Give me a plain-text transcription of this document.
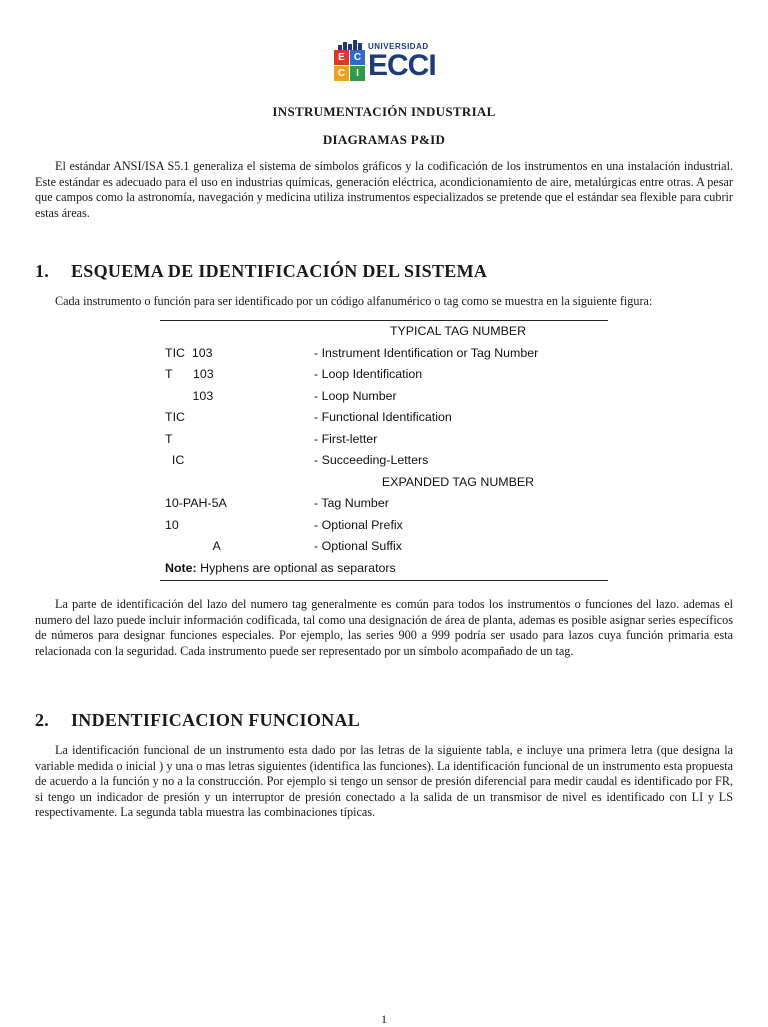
E C
C	I
UNIVERSIDAD
ECCI
INSTRUMENTACIÓN INDUSTRIAL
DIAGRAMAS P&ID

El estándar ANSI/ISA S5.1 generaliza el sistema de símbolos gráficos y la codificación de los instrumentos en una instalación industrial. Este estándar es adecuado para el uso en industrias químicas, generación eléctrica, acondicionamiento de aire, metalúrgicas entre otras. A pesar que campos como la astronomía, navegación y medicina utiliza instrumentos especializados se pretende que el estándar sea flexible para cubrir estas áreas.

1. ESQUEMA DE IDENTIFICACIÓN DEL SISTEMA

Cada instrumento o función para ser identificado por un código alfanumérico o tag como se muestra en la siguiente figura:

TYPICAL TAG NUMBER
TIC  103	- Instrument Identification or Tag Number
T      103	- Loop Identification
103	- Loop Number
TIC	- Functional Identification
T	- First-letter
IC	- Succeeding-Letters
EXPANDED TAG NUMBER
10-PAH-5A	- Tag Number
10	- Optional Prefix
A	- Optional Suffix
Note: Hyphens are optional as separators

La parte de identificación del lazo del numero tag generalmente es común para todos los instrumentos o funciones del lazo. ademas el numero del lazo puede incluir información codificada, tal como una designación de área de planta, ademas es posible asignar series específicos de números para designar funciones especiales. Por ejemplo, las series 900 a 999 podría ser usado para lazos cuya función primaria esta relacionada con la seguridad. Cada instrumento puede ser representado por un símbolo acompañado de un tag.

2. INDENTIFICACION FUNCIONAL

La identificación funcional de un instrumento esta dado por las letras de la siguiente tabla, e incluye una primera letra (que designa la variable medida o inicial ) y una o mas letras siguientes (identifica las funciones). La identificación funcional de un instrumento esta propuesta de acuerdo a la función y no a la construcción. Por ejemplo si tengo un sensor de presión diferencial para medir caudal es identificado por FR, si tengo un indicador de presión y un interruptor de presión conectado a la salida de un transmisor de nivel es identificado con LI y LS respectivamente. La segunda tabla muestra las combinaciones típicas.

1
